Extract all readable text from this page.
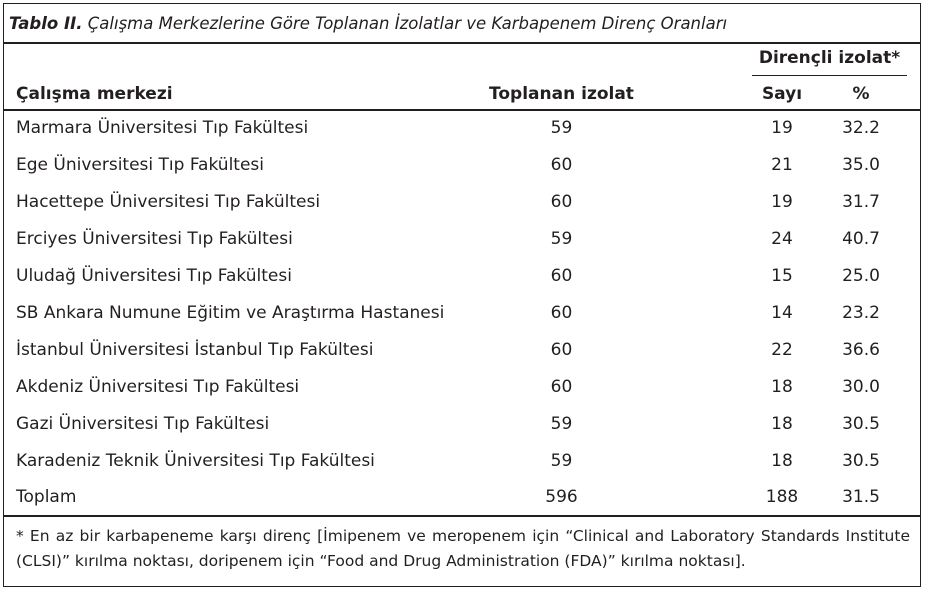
Tablo II. Çalışma Merkezlerine Göre Toplanan İzolatlar ve Karbapenem Direnç Oranları
Dirençli izolat*
Çalışma merkezi	Toplanan izolat	Sayı	%
Marmara Üniversitesi Tıp Fakültesi	59	19	32.2
Ege Üniversitesi Tıp Fakültesi	60	21	35.0
Hacettepe Üniversitesi Tıp Fakültesi	60	19	31.7
Erciyes Üniversitesi Tıp Fakültesi	59	24	40.7
Uludağ Üniversitesi Tıp Fakültesi	60	15	25.0
SB Ankara Numune Eğitim ve Araştırma Hastanesi	60	14	23.2
İstanbul Üniversitesi İstanbul Tıp Fakültesi	60	22	36.6
Akdeniz Üniversitesi Tıp Fakültesi	60	18	30.0
Gazi Üniversitesi Tıp Fakültesi	59	18	30.5
Karadeniz Teknik Üniversitesi Tıp Fakültesi	59	18	30.5
Toplam	596	188	31.5
* En az bir karbapeneme karşı direnç [İmipenem ve meropenem için “Clinical and Laboratory Standards Institute (CLSI)” kırılma noktası, doripenem için “Food and Drug Administration (FDA)” kırılma noktası].
